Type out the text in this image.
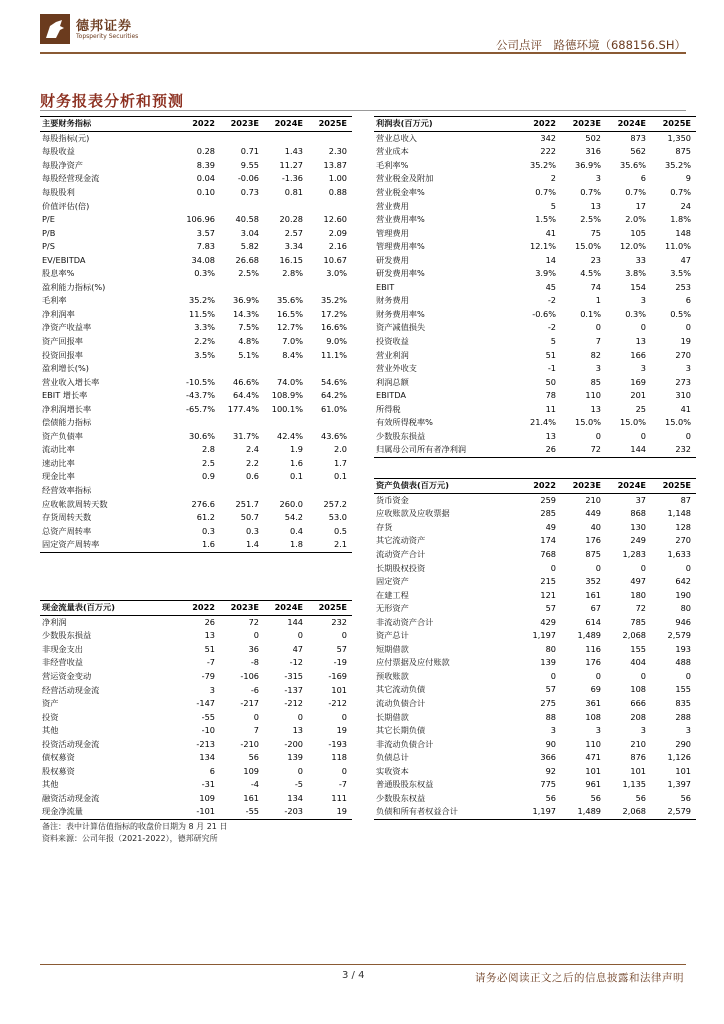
德邦证券
Topsperity Securities
公司点评　路德环境（688156.SH）
财务报表分析和预测
主要财务指标	2022	2023E	2024E	2025E
每股指标(元)				
每股收益	0.28	0.71	1.43	2.30
每股净资产	8.39	9.55	11.27	13.87
每股经营现金流	0.04	-0.06	-1.36	1.00
每股股利	0.10	0.73	0.81	0.88
价值评估(倍)				
P/E	106.96	40.58	20.28	12.60
P/B	3.57	3.04	2.57	2.09
P/S	7.83	5.82	3.34	2.16
EV/EBITDA	34.08	26.68	16.15	10.67
股息率%	0.3%	2.5%	2.8%	3.0%
盈利能力指标(%)				
毛利率	35.2%	36.9%	35.6%	35.2%
净利润率	11.5%	14.3%	16.5%	17.2%
净资产收益率	3.3%	7.5%	12.7%	16.6%
资产回报率	2.2%	4.8%	7.0%	9.0%
投资回报率	3.5%	5.1%	8.4%	11.1%
盈利增长(%)				
营业收入增长率	-10.5%	46.6%	74.0%	54.6%
EBIT 增长率	-43.7%	64.4%	108.9%	64.2%
净利润增长率	-65.7%	177.4%	100.1%	61.0%
偿债能力指标				
资产负债率	30.6%	31.7%	42.4%	43.6%
流动比率	2.8	2.4	1.9	2.0
速动比率	2.5	2.2	1.6	1.7
现金比率	0.9	0.6	0.1	0.1
经营效率指标				
应收帐款周转天数	276.6	251.7	260.0	257.2
存货周转天数	61.2	50.7	54.2	53.0
总资产周转率	0.3	0.3	0.4	0.5
固定资产周转率	1.6	1.4	1.8	2.1
利润表(百万元)	2022	2023E	2024E	2025E
营业总收入	342	502	873	1,350
营业成本	222	316	562	875
毛利率%	35.2%	36.9%	35.6%	35.2%
营业税金及附加	2	3	6	9
营业税金率%	0.7%	0.7%	0.7%	0.7%
营业费用	5	13	17	24
营业费用率%	1.5%	2.5%	2.0%	1.8%
管理费用	41	75	105	148
管理费用率%	12.1%	15.0%	12.0%	11.0%
研发费用	14	23	33	47
研发费用率%	3.9%	4.5%	3.8%	3.5%
EBIT	45	74	154	253
财务费用	-2	1	3	6
财务费用率%	-0.6%	0.1%	0.3%	0.5%
资产减值损失	-2	0	0	0
投资收益	5	7	13	19
营业利润	51	82	166	270
营业外收支	-1	3	3	3
利润总额	50	85	169	273
EBITDA	78	110	201	310
所得税	11	13	25	41
有效所得税率%	21.4%	15.0%	15.0%	15.0%
少数股东损益	13	0	0	0
归属母公司所有者净利润	26	72	144	232
资产负债表(百万元)	2022	2023E	2024E	2025E
货币资金	259	210	37	87
应收账款及应收票据	285	449	868	1,148
存货	49	40	130	128
其它流动资产	174	176	249	270
流动资产合计	768	875	1,283	1,633
长期股权投资	0	0	0	0
固定资产	215	352	497	642
在建工程	121	161	180	190
无形资产	57	67	72	80
非流动资产合计	429	614	785	946
资产总计	1,197	1,489	2,068	2,579
短期借款	80	116	155	193
应付票据及应付账款	139	176	404	488
预收账款	0	0	0	0
其它流动负债	57	69	108	155
流动负债合计	275	361	666	835
长期借款	88	108	208	288
其它长期负债	3	3	3	3
非流动负债合计	90	110	210	290
负债总计	366	471	876	1,126
实收资本	92	101	101	101
普通股股东权益	775	961	1,135	1,397
少数股东权益	56	56	56	56
负债和所有者权益合计	1,197	1,489	2,068	2,579
现金流量表(百万元)	2022	2023E	2024E	2025E
净利润	26	72	144	232
少数股东损益	13	0	0	0
非现金支出	51	36	47	57
非经营收益	-7	-8	-12	-19
营运资金变动	-79	-106	-315	-169
经营活动现金流	3	-6	-137	101
资产	-147	-217	-212	-212
投资	-55	0	0	0
其他	-10	7	13	19
投资活动现金流	-213	-210	-200	-193
债权募资	134	56	139	118
股权募资	6	109	0	0
其他	-31	-4	-5	-7
融资活动现金流	109	161	134	111
现金净流量	-101	-55	-203	19
备注：表中计算估值指标的收盘价日期为 8 月 21 日
资料来源：公司年报（2021-2022），德邦研究所
3 / 4	请务必阅读正文之后的信息披露和法律声明
